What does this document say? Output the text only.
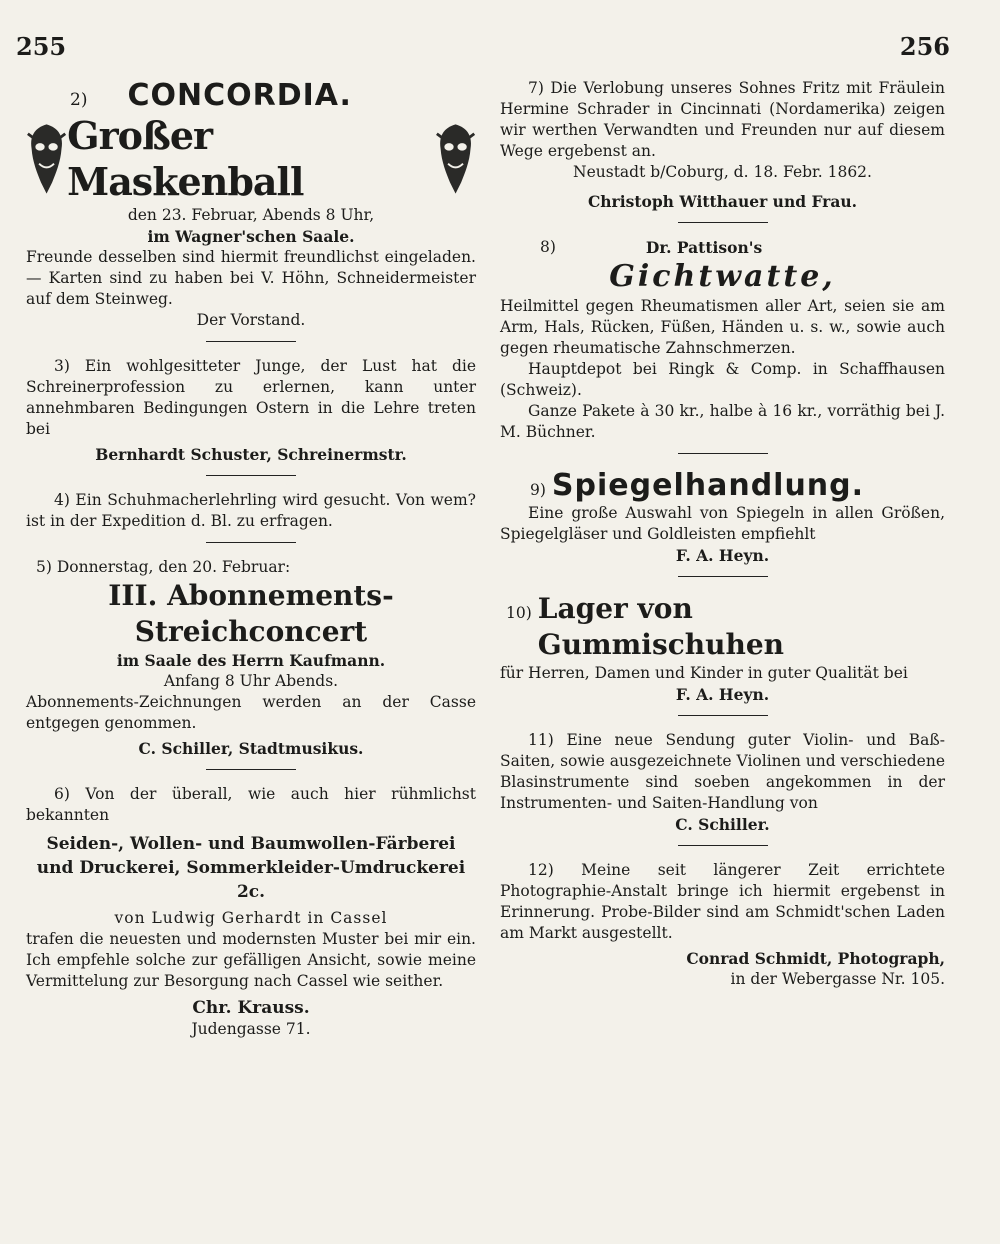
255	256
2) CONCORDIA.
Großer Maskenball

den 23. Februar, Abends 8 Uhr,

im Wagner'schen Saale.

Freunde desselben sind hiermit freundlichst eingeladen. — Karten sind zu haben bei V. Höhn, Schneidermeister auf dem Steinweg.

Der Vorstand.

3) Ein wohlgesitteter Junge, der Lust hat die Schreinerprofession zu erlernen, kann unter annehmbaren Bedingungen Ostern in die Lehre treten bei

Bernhardt Schuster, Schreinermstr.

4) Ein Schuhmacherlehrling wird gesucht. Von wem? ist in der Expedition d. Bl. zu erfragen.

5) Donnerstag, den 20. Februar:

III. Abonnements-Streichconcert

im Saale des Herrn Kaufmann.

Anfang 8 Uhr Abends.

Abonnements-Zeichnungen werden an der Casse entgegen genommen.

C. Schiller, Stadtmusikus.

6) Von der überall, wie auch hier rühmlichst bekannten

Seiden-, Wollen- und Baumwollen-Färberei und Druckerei, Sommerkleider-Umdruckerei 2c.

von Ludwig Gerhardt in Cassel

trafen die neuesten und modernsten Muster bei mir ein. Ich empfehle solche zur gefälligen Ansicht, sowie meine Vermittelung zur Besorgung nach Cassel wie seither.

Chr. Krauss.

Judengasse 71.

7) Die Verlobung unseres Sohnes Fritz mit Fräulein Hermine Schrader in Cincinnati (Nordamerika) zeigen wir werthen Verwandten und Freunden nur auf diesem Wege ergebenst an.

Neustadt b/Coburg, d. 18. Febr. 1862.

Christoph Witthauer und Frau.

8)	Dr. Pattison's

Gichtwatte,

Heilmittel gegen Rheumatismen aller Art, seien sie am Arm, Hals, Rücken, Füßen, Händen u. s. w., sowie auch gegen rheumatische Zahnschmerzen.

Hauptdepot bei Ringk & Comp. in Schaffhausen (Schweiz).

Ganze Pakete à 30 kr., halbe à 16 kr., vorräthig bei J. M. Büchner.

9) Spiegelhandlung.

Eine große Auswahl von Spiegeln in allen Größen, Spiegelgläser und Goldleisten empfiehlt

F. A. Heyn.

10) Lager von Gummischuhen

für Herren, Damen und Kinder in guter Qualität bei

F. A. Heyn.

11) Eine neue Sendung guter Violin- und Baß-Saiten, sowie ausgezeichnete Violinen und verschiedene Blasinstrumente sind soeben angekommen in der Instrumenten- und Saiten-Handlung von

C. Schiller.

12) Meine seit längerer Zeit errichtete Photographie-Anstalt bringe ich hiermit ergebenst in Erinnerung. Probe-Bilder sind am Schmidt'schen Laden am Markt ausgestellt.

Conrad Schmidt, Photograph,

in der Webergasse Nr. 105.
